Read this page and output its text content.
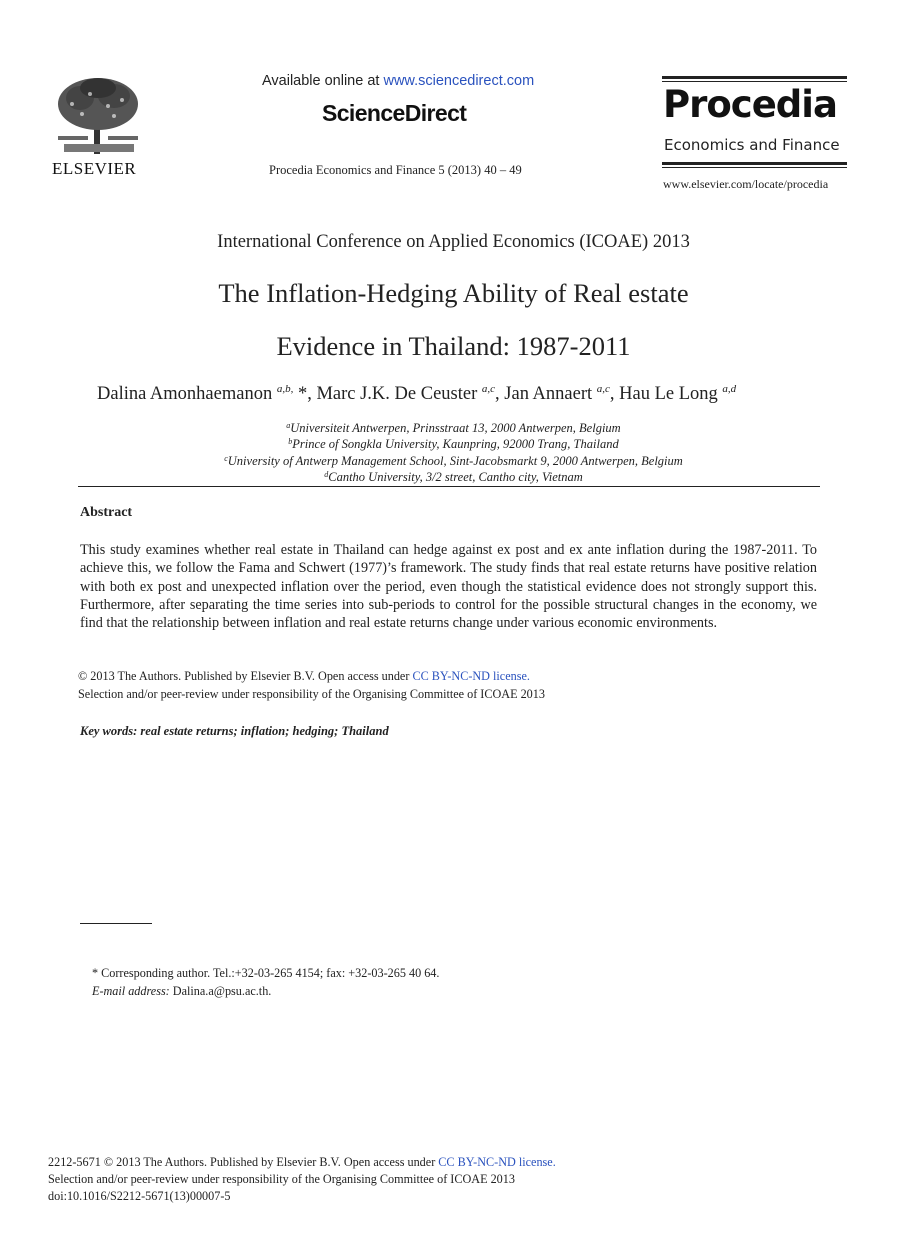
ELSEVIER
Available online at www.sciencedirect.com
ScienceDirect
Procedia Economics and Finance 5 (2013) 40 – 49
Procedia
Economics and Finance
www.elsevier.com/locate/procedia
International Conference on Applied Economics (ICOAE) 2013
The Inflation-Hedging Ability of Real estate
Evidence in Thailand: 1987-2011
Dalina Amonhaemanon $^{a,b,}$ *, Marc J.K. De Ceuster $^{a,c}$, Jan Annaert $^{a,c}$, Hau Le Long $^{a,d}$
$^a$Universiteit Antwerpen, Prinsstraat 13, 2000 Antwerpen, Belgium
$^b$Prince of Songkla University, Kaunpring, 92000 Trang, Thailand
$^c$University of Antwerp Management School, Sint-Jacobsmarkt 9, 2000 Antwerpen, Belgium
$^d$Cantho University, 3/2 street, Cantho city, Vietnam
Abstract
This study examines whether real estate in Thailand can hedge against ex post and ex ante inflation during the 1987-2011. To achieve this, we follow the Fama and Schwert (1977)’s framework. The study finds that real estate returns have positive relation with both ex post and unexpected inflation over the period, even though the statistical evidence does not strongly support this. Furthermore, after separating the time series into sub-periods to control for the possible structural changes in the economy, we find that the relationship between inflation and real estate returns change under various economic environments.
© 2013 The Authors. Published by Elsevier B.V. Open access under CC BY-NC-ND license.
Selection and/or peer-review under responsibility of the Organising Committee of ICOAE 2013
Key words: real estate returns; inflation; hedging; Thailand
* Corresponding author. Tel.:+32-03-265 4154; fax: +32-03-265 40 64.
E-mail address: Dalina.a@psu.ac.th.
2212-5671 © 2013 The Authors. Published by Elsevier B.V. Open access under CC BY-NC-ND license.
Selection and/or peer-review under responsibility of the Organising Committee of ICOAE 2013
doi:10.1016/S2212-5671(13)00007-5
